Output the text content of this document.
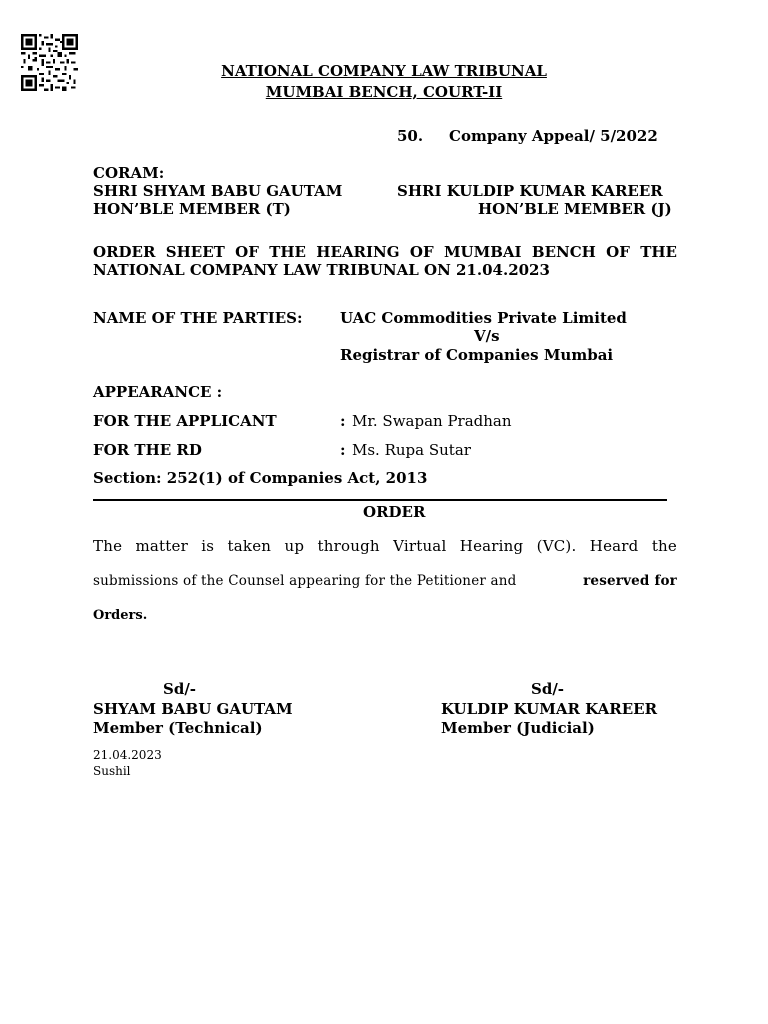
NATIONAL COMPANY LAW TRIBUNAL
MUMBAI BENCH, COURT-II
50. Company Appeal/ 5/2022
CORAM:
SHRI SHYAM BABU GAUTAM
HON’BLE MEMBER (T)
SHRI KULDIP KUMAR KAREER
HON’BLE MEMBER (J)
ORDER SHEET OF THE HEARING OF MUMBAI BENCH OF THE
NATIONAL COMPANY LAW TRIBUNAL ON 21.04.2023
NAME OF THE PARTIES: UAC Commodities Private Limited
V/s
Registrar of Companies Mumbai
APPEARANCE :
FOR THE APPLICANT	: Mr. Swapan Pradhan
FOR THE RD	: Ms. Rupa Sutar
Section: 252(1) of Companies Act, 2013
ORDER
The matter is taken up through Virtual Hearing (VC). Heard the
submissions of the Counsel appearing for the Petitioner and	reserved for
Orders.
Sd/-
SHYAM BABU GAUTAM
Member (Technical)
Sd/-
KULDIP KUMAR KAREER
Member (Judicial)
21.04.2023
Sushil
